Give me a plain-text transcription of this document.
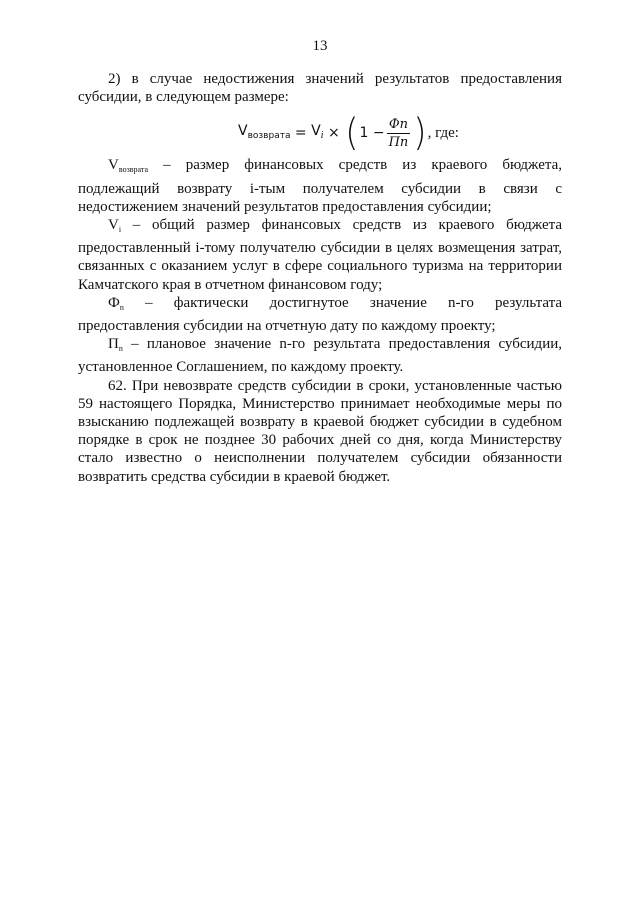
13

2) в случае недостижения значений результатов предоставления субсидии, в следующем размере:

$V_{возврата} = V_i$ × ( $1 - \frac{Фn}{Пn}$ ) , где:

$V_{возврата}$ – размер финансовых средств из краевого бюджета, подлежащий возврату i-тым получателем субсидии в связи с недостижением значений результатов предоставления субсидии;

$V_i$ – общий размер финансовых средств из краевого бюджета предоставленный i-тому получателю субсидии в целях возмещения затрат, связанных с оказанием услуг в сфере социального туризма на территории Камчатского края в отчетном финансовом году;

$Ф_n$ – фактически достигнутое значение n-го результата предоставления субсидии на отчетную дату по каждому проекту;

$П_n$ – плановое значение n-го результата предоставления субсидии, установленное Соглашением, по каждому проекту.

62. При невозврате средств субсидии в сроки, установленные частью 59 настоящего Порядка, Министерство принимает необходимые меры по взысканию подлежащей возврату в краевой бюджет субсидии в судебном порядке в срок не позднее 30 рабочих дней со дня, когда Министерству стало известно о неисполнении получателем субсидии обязанности возвратить средства субсидии в краевой бюджет.
